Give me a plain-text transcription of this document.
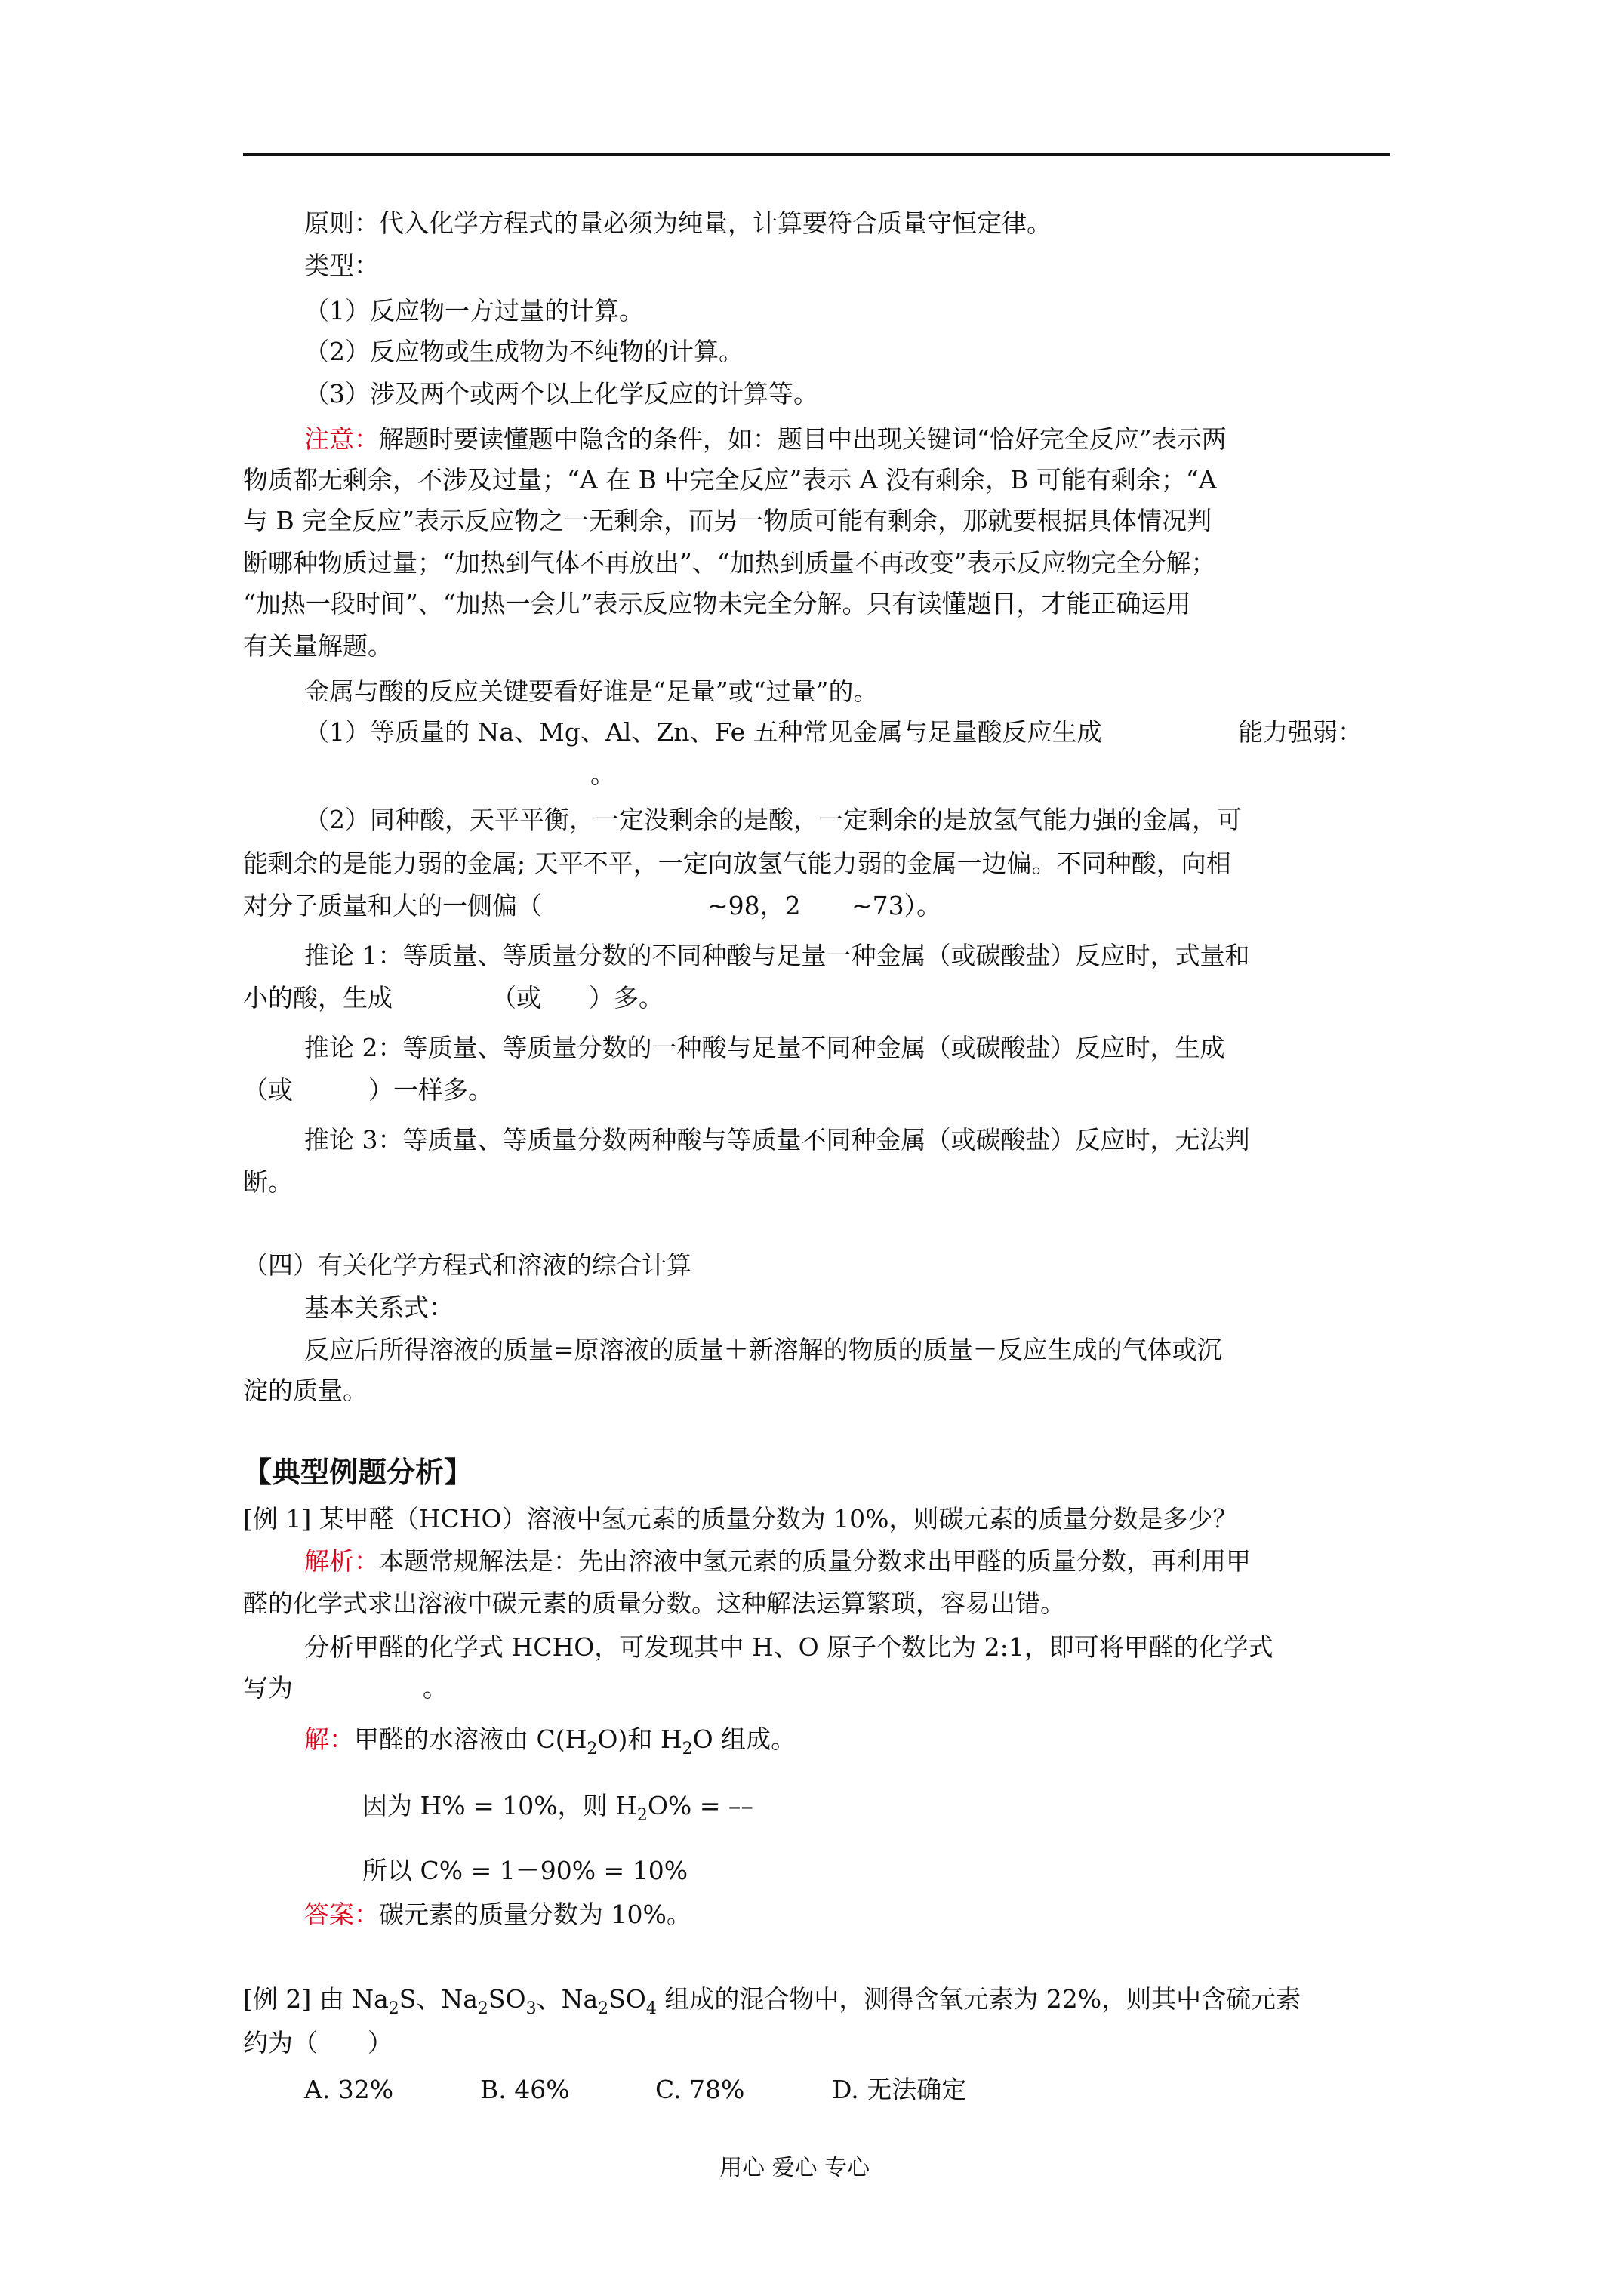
原则：代入化学方程式的量必须为纯量，计算要符合质量守恒定律。
类型：
（1）反应物一方过量的计算。
（2）反应物或生成物为不纯物的计算。
（3）涉及两个或两个以上化学反应的计算等。
注意：解题时要读懂题中隐含的条件，如：题目中出现关键词“恰好完全反应”表示两
物质都无剩余，不涉及过量；“A 在 B 中完全反应”表示 A 没有剩余，B 可能有剩余；“A
与 B 完全反应”表示反应物之一无剩余，而另一物质可能有剩余，那就要根据具体情况判
断哪种物质过量；“加热到气体不再放出”、“加热到质量不再改变”表示反应物完全分解；
“加热一段时间”、“加热一会儿”表示反应物未完全分解。只有读懂题目，才能正确运用
有关量解题。
金属与酸的反应关键要看好谁是“足量”或“过量”的。
（1）等质量的 Na、Mg、Al、Zn、Fe 五种常见金属与足量酸反应生成	能力强弱：
。
（2）同种酸，天平平衡，一定没剩余的是酸，一定剩余的是放氢气能力强的金属，可
能剩余的是能力弱的金属; 天平不平，一定向放氢气能力弱的金属一边偏。不同种酸，向相
对分子质量和大的一侧偏（	~98，2 ~73）。
推论 1：等质量、等质量分数的不同种酸与足量一种金属（或碳酸盐）反应时，式量和
小的酸，生成	（或 ）多。
推论 2：等质量、等质量分数的一种酸与足量不同种金属（或碳酸盐）反应时，生成
（或	）一样多。
推论 3：等质量、等质量分数两种酸与等质量不同种金属（或碳酸盐）反应时，无法判
断。
（四）有关化学方程式和溶液的综合计算
基本关系式：
反应后所得溶液的质量=原溶液的质量＋新溶解的物质的质量－反应生成的气体或沉
淀的质量。
【典型例题分析】
[例 1] 某甲醛（HCHO）溶液中氢元素的质量分数为 10%，则碳元素的质量分数是多少？
解析：本题常规解法是：先由溶液中氢元素的质量分数求出甲醛的质量分数，再利用甲
醛的化学式求出溶液中碳元素的质量分数。这种解法运算繁琐，容易出错。
分析甲醛的化学式 HCHO，可发现其中 H、O 原子个数比为 2:1，即可将甲醛的化学式
写为	。
解：甲醛的水溶液由 $C(H_2O)$和 $H_2O$ 组成。
因为 H% = 10%，则 $H_2O\%$ = ––
所以 C% = 1－90% = 10%
答案：碳元素的质量分数为 10%。
[例 2] 由 $Na_2S$、$Na_2SO_3$、$Na_2SO_4$ 组成的混合物中，测得含氧元素为 22%，则其中含硫元素
约为（　　）
A. 32%	B. 46%	C. 78%	D. 无法确定
用心 爱心 专心
